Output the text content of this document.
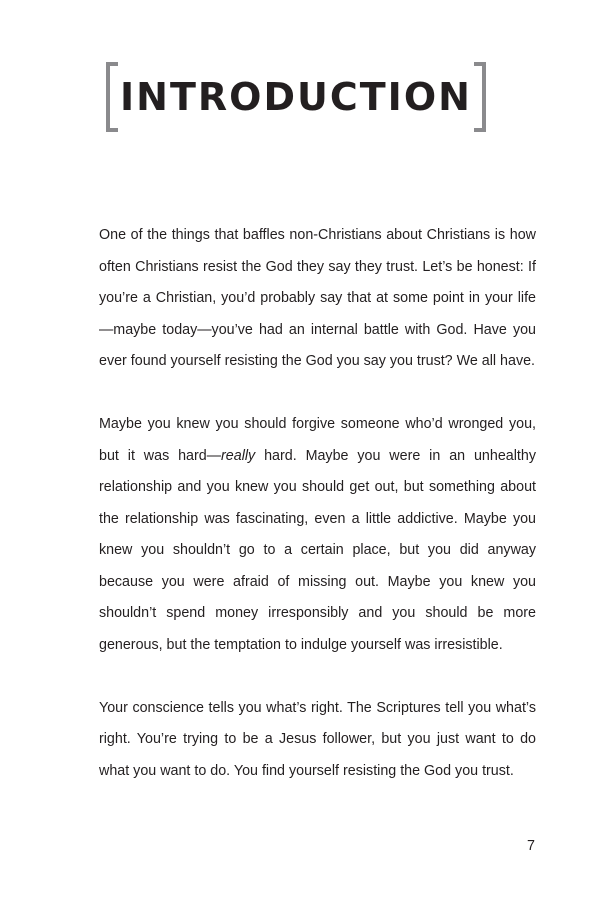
INTRODUCTION

One of the things that baffles non-Christians about Christians is how often Christians resist the God they say they trust. Let’s be honest: If you’re a Christian, you’d probably say that at some point in your life—maybe today—you’ve had an internal battle with God. Have you ever found yourself resisting the God you say you trust? We all have.

Maybe you knew you should forgive someone who’d wronged you, but it was hard—really hard. Maybe you were in an unhealthy relationship and you knew you should get out, but something about the relationship was fascinating, even a little addictive. Maybe you knew you shouldn’t go to a certain place, but you did anyway because you were afraid of missing out. Maybe you knew you shouldn’t spend money irresponsibly and you should be more generous, but the temptation to indulge yourself was irresistible.

Your conscience tells you what’s right. The Scriptures tell you what’s right. You’re trying to be a Jesus follower, but you just want to do what you want to do. You find yourself resisting the God you trust.

7
